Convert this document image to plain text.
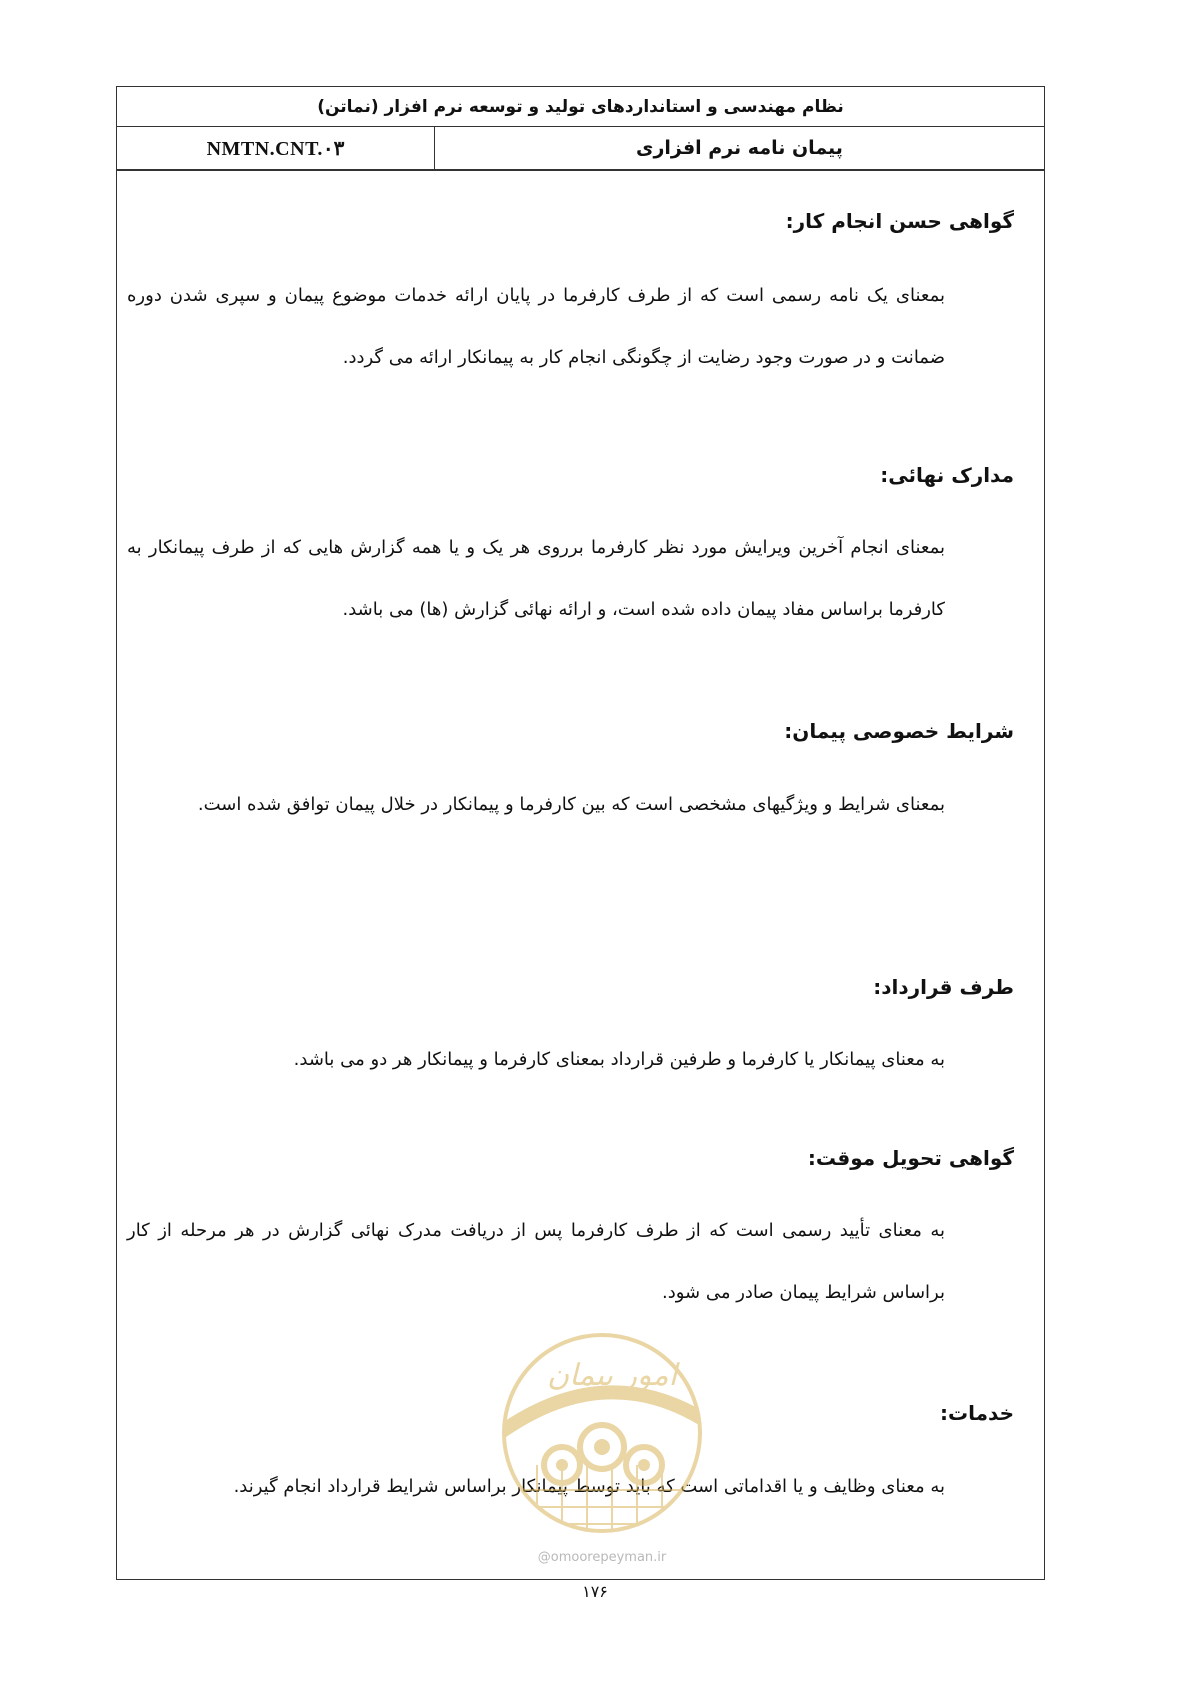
نظام مهندسی و استانداردهای تولید و توسعه نرم افزار (نماتن)
NMTN.CNT.۰۳	پیمان نامه نرم افزاری
گواهی حسن انجام کار:
بمعنای یک نامه رسمی است که از طرف کارفرما در پایان ارائه خدمات موضوع پیمان و سپری شدن دوره ضمانت و در صورت وجود رضایت از چگونگی انجام کار به پیمانکار ارائه می گردد.
مدارک نهائی:
بمعنای انجام آخرین ویرایش مورد نظر کارفرما برروی هر یک و یا همه گزارش هایی که از طرف پیمانکار به کارفرما براساس مفاد پیمان داده شده است، و ارائه نهائی گزارش (ها) می باشد.
شرایط خصوصی پیمان:
بمعنای شرایط و ویژگیهای مشخصی است که بین کارفرما و پیمانکار در خلال پیمان توافق شده است.
طرف قرارداد:
به معنای پیمانکار یا کارفرما و طرفین قرارداد بمعنای کارفرما و پیمانکار هر دو می باشد.
گواهی تحویل موقت:
به معنای تأیید رسمی است که از طرف کارفرما پس از دریافت مدرک نهائی گزارش در هر مرحله از کار براساس شرایط پیمان صادر می شود.
خدمات:
به معنای وظایف و یا اقداماتی است که باید توسط پیمانکار براساس شرایط قرارداد انجام گیرند.
امور پیمان
@omoorepeyman.ir
۱۷۶
